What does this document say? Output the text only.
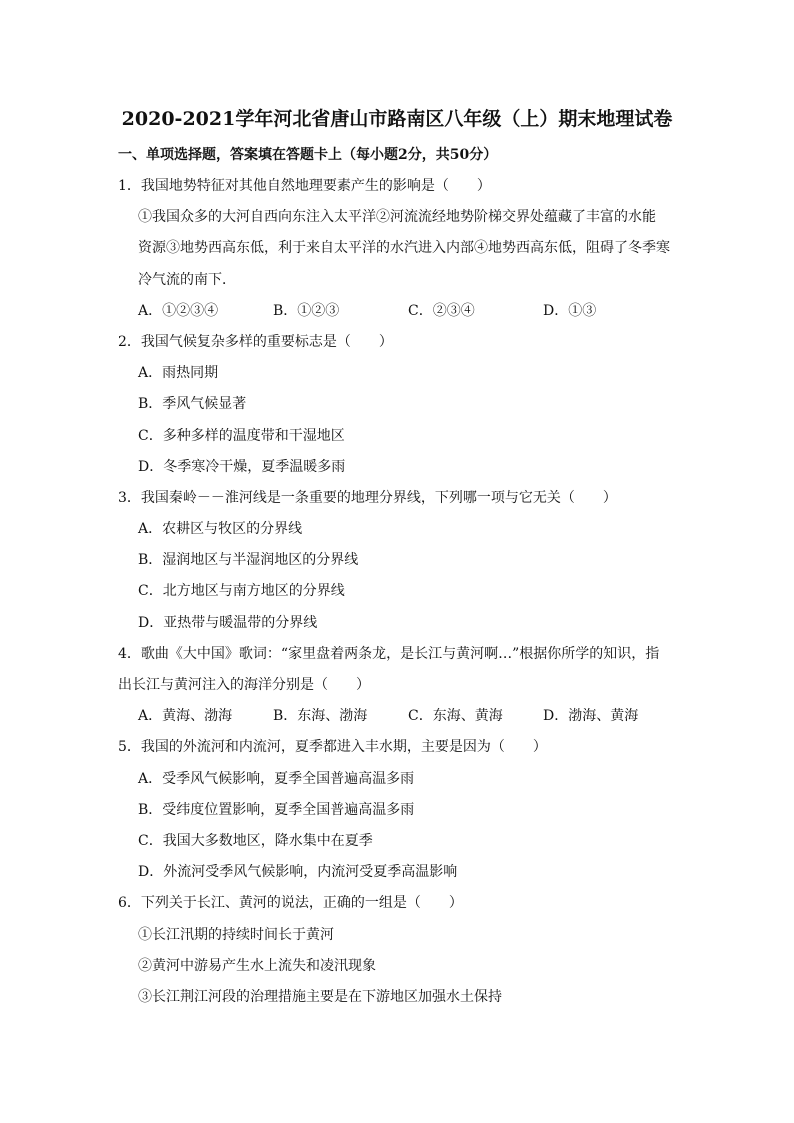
2020-2021学年河北省唐山市路南区八年级（上）期末地理试卷
一、单项选择题，答案填在答题卡上（每小题2分，共50分）
1．我国地势特征对其他自然地理要素产生的影响是（　　）
①我国众多的大河自西向东注入太平洋②河流流经地势阶梯交界处蕴藏了丰富的水能
资源③地势西高东低，利于来自太平洋的水汽进入内部④地势西高东低，阻碍了冬季寒
冷气流的南下．
A．①②③④	B．①②③	C．②③④	D．①③
2．我国气候复杂多样的重要标志是（　　）
A．雨热同期
B．季风气候显著
C．多种多样的温度带和干湿地区
D．冬季寒冷干燥，夏季温暖多雨
3．我国秦岭－－淮河线是一条重要的地理分界线，下列哪一项与它无关（　　）
A．农耕区与牧区的分界线
B．湿润地区与半湿润地区的分界线
C．北方地区与南方地区的分界线
D．亚热带与暖温带的分界线
4．歌曲《大中国》歌词：“家里盘着两条龙，是长江与黄河啊…”根据你所学的知识，指
出长江与黄河注入的海洋分别是（　　）
A．黄海、渤海	B．东海、渤海	C．东海、黄海	D．渤海、黄海
5．我国的外流河和内流河，夏季都进入丰水期，主要是因为（　　）
A．受季风气候影响，夏季全国普遍高温多雨
B．受纬度位置影响，夏季全国普遍高温多雨
C．我国大多数地区，降水集中在夏季
D．外流河受季风气候影响，内流河受夏季高温影响
6．下列关于长江、黄河的说法，正确的一组是（　　）
①长江汛期的持续时间长于黄河
②黄河中游易产生水上流失和凌汛现象
③长江荆江河段的治理措施主要是在下游地区加强水土保持
